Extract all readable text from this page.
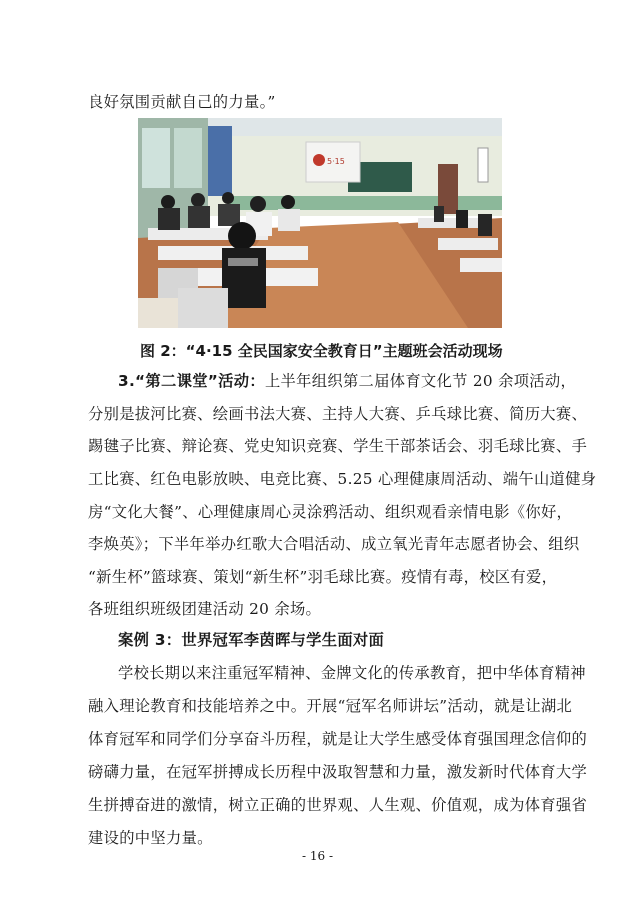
良好氛围贡献自己的力量。”
5·15
图 2：“4·15 全民国家安全教育日”主题班会活动现场
3.“第二课堂”活动：上半年组织第二届体育文化节 20 余项活动，
分别是拔河比赛、绘画书法大赛、主持人大赛、乒乓球比赛、简历大赛、
踢毽子比赛、辩论赛、党史知识竞赛、学生干部茶话会、羽毛球比赛、手
工比赛、红色电影放映、电竞比赛、5.25 心理健康周活动、端午山道健身
房“文化大餐”、心理健康周心灵涂鸦活动、组织观看亲情电影《你好，
李焕英》；下半年举办红歌大合唱活动、成立氧光青年志愿者协会、组织
“新生杯”篮球赛、策划“新生杯”羽毛球比赛。疫情有毒，校区有爱，
各班组织班级团建活动 20 余场。
案例 3：世界冠军李茵晖与学生面对面
学校长期以来注重冠军精神、金牌文化的传承教育，把中华体育精神
融入理论教育和技能培养之中。开展“冠军名师讲坛”活动，就是让湖北
体育冠军和同学们分享奋斗历程，就是让大学生感受体育强国理念信仰的
磅礴力量，在冠军拼搏成长历程中汲取智慧和力量，激发新时代体育大学
生拼搏奋进的激情，树立正确的世界观、人生观、价值观，成为体育强省
建设的中坚力量。
- 16 -
